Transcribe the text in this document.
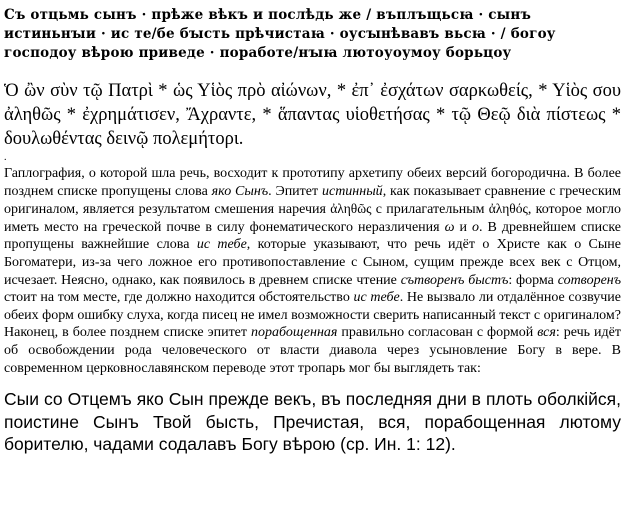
Съ отцьмь сынъ · прѣже вѣкъ и послѣдь же / въплъщьсꙗ · сынъ истиньнꙑи · ис те/бе бꙑсть прѣчистаꙗ · оусꙑнѣвавъ вьсꙗ · / богоу господоу вѣрою приведе · поработе/нꙑꙗ лютоуоумоу борьцоу

Ὁ ὢν σὺν τῷ Πατρὶ * ὡς Υἱὸς πρὸ αἰώνων, * ἐπ᾽ ἐσχάτων σαρκωθείς, * Υἱὸς σου ἀληθῶς * ἐχρημάτισεν, Ἄχραντε, * ἅπαντας υἱοθετήσας * τῷ Θεῷ διὰ πίστεως * δουλωθέντας δεινῷ πολεμήτορι.

.

Гаплография, о которой шла речь, восходит к прототипу архетипу обеих версий богородична. В более позднем списке пропущены слова яко Сынъ. Эпитет истинный, как показывает сравнение с греческим оригиналом, является результатом смешения наречия ἀληθῶς с прилагательным ἀληθός, которое могло иметь место на греческой почве в силу фонематического неразличения ω и ο. В древнейшем списке пропущены важнейшие слова ис тебе, которые указывают, что речь идёт о Христе как о Сыне Богоматери, из-за чего ложное его противопоставление с Сыном, сущим прежде всех век с Отцом, исчезает. Неясно, однако, как появилось в древнем списке чтение сътворенъ быстъ: форма сотворенъ стоит на том месте, где должно находится обстоятельство ис тебе. Не вызвало ли отдалённое созвучие обеих форм ошибку слуха, когда писец не имел возможности сверить написанный текст с оригиналом? Наконец, в более позднем списке эпитет порабощенная правильно согласован с формой вся: речь идёт об освобождении рода человеческого от власти диавола через усыновление Богу в вере. В современном церковнославянском переводе этот тропарь мог бы выглядеть так:

Сыи со Отцемъ яко Сын прежде векъ, въ последняя дни в плоть оболкійся, поистине Сынъ Твой бысть, Пречистая, вся, порабощенная лютому борителю, чадами содалавъ Богу вѣрою (ср. Ин. 1: 12).
